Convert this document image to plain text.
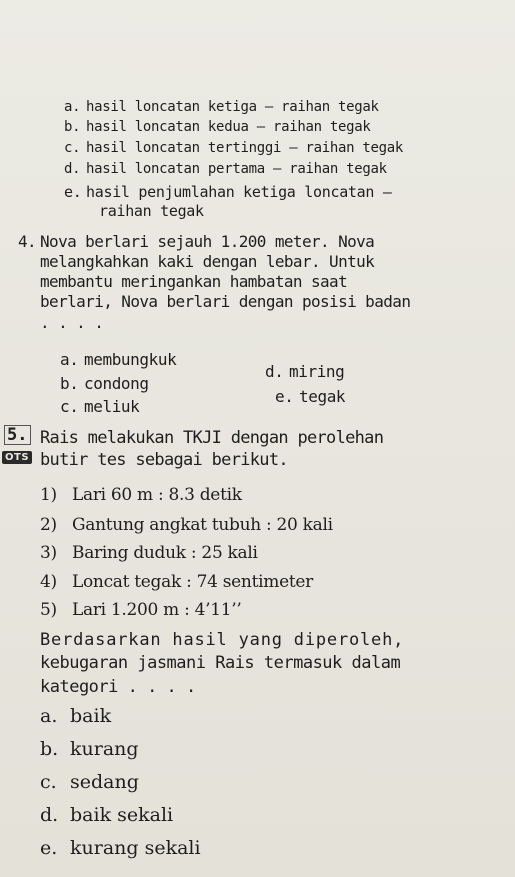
a. hasil loncatan ketiga – raihan tegak
b. hasil loncatan kedua – raihan tegak
c. hasil loncatan tertinggi – raihan tegak
d. hasil loncatan pertama – raihan tegak
e. hasil penjumlahan ketiga loncatan –
raihan tegak
4. Nova berlari sejauh 1.200 meter. Nova
melangkahkan kaki dengan lebar. Untuk
membantu meringankan hambatan saat
berlari, Nova berlari dengan posisi badan
. . . .
a. membungkuk
b. condong
c. meliuk
d. miring
e. tegak
5.
OTS
Rais melakukan TKJI dengan perolehan
butir tes sebagai berikut.
1) Lari 60 m : 8.3 detik
2) Gantung angkat tubuh : 20 kali
3) Baring duduk : 25 kali
4) Loncat tegak : 74 sentimeter
5) Lari 1.200 m : 4’11’’
Berdasarkan hasil yang diperoleh,
kebugaran jasmani Rais termasuk dalam
kategori . . . .
a. baik
b. kurang
c. sedang
d. baik sekali
e. kurang sekali
